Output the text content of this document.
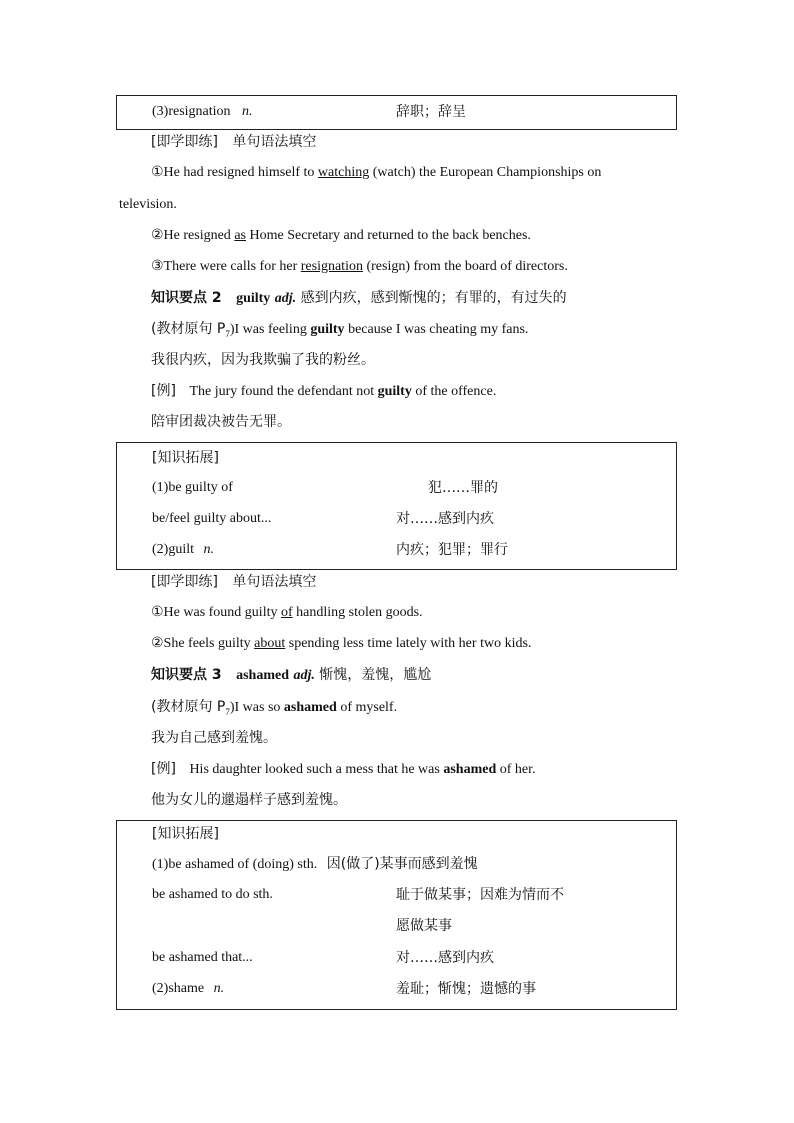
(3)resignation n.	辞职；辞呈
[即学即练] 单句语法填空
①He had resigned himself to watching (watch) the European Championships on
television.
②He resigned as Home Secretary and returned to the back benches.
③There were calls for her resignation (resign) from the board of directors.
知识要点 2 guilty adj. 感到内疚，感到惭愧的；有罪的，有过失的
(教材原句 $P_7)I$ was feeling guilty because I was cheating my fans.
我很内疚，因为我欺骗了我的粉丝。
[例] The jury found the defendant not guilty of the offence.
陪审团裁决被告无罪。
[知识拓展]
(1)be guilty of	犯……罪的
be/feel guilty about...	对……感到内疚
(2)guilt n.	内疚；犯罪；罪行
[即学即练] 单句语法填空
①He was found guilty of handling stolen goods.
②She feels guilty about spending less time lately with her two kids.
知识要点 3 ashamed adj. 惭愧，羞愧，尴尬
(教材原句 $P_7)I$ was so ashamed of myself.
我为自己感到羞愧。
[例] His daughter looked such a mess that he was ashamed of her.
他为女儿的邋遢样子感到羞愧。
[知识拓展]
(1)be ashamed of (doing) sth. 因(做了)某事而感到羞愧
be ashamed to do sth.	耻于做某事；因难为情而不
愿做某事
be ashamed that...	对……感到内疚
(2)shame n.	羞耻；惭愧；遗憾的事
